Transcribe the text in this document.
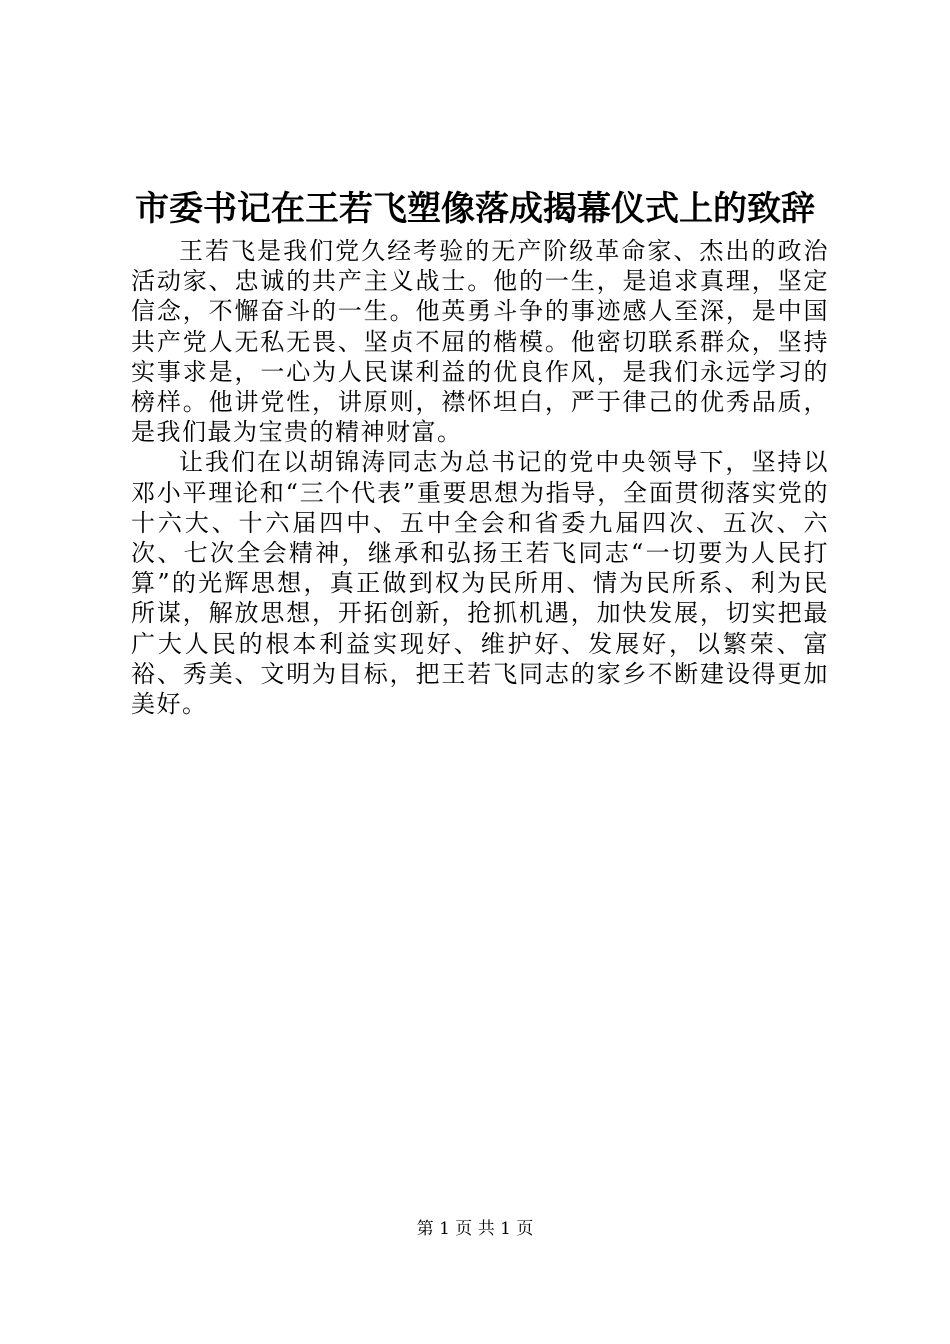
市委书记在王若飞塑像落成揭幕仪式上的致辞

王若飞是我们党久经考验的无产阶级革命家、杰出的政治活动家、忠诚的共产主义战士。他的一生，是追求真理，坚定信念，不懈奋斗的一生。他英勇斗争的事迹感人至深，是中国共产党人无私无畏、坚贞不屈的楷模。他密切联系群众，坚持实事求是，一心为人民谋利益的优良作风，是我们永远学习的榜样。他讲党性，讲原则，襟怀坦白，严于律己的优秀品质，是我们最为宝贵的精神财富。

让我们在以胡锦涛同志为总书记的党中央领导下，坚持以邓小平理论和“三个代表”重要思想为指导，全面贯彻落实党的十六大、十六届四中、五中全会和省委九届四次、五次、六次、七次全会精神，继承和弘扬王若飞同志“一切要为人民打算”的光辉思想，真正做到权为民所用、情为民所系、利为民所谋，解放思想，开拓创新，抢抓机遇，加快发展，切实把最广大人民的根本利益实现好、维护好、发展好，以繁荣、富裕、秀美、文明为目标，把王若飞同志的家乡不断建设得更加美好。

第 1 页 共 1 页
